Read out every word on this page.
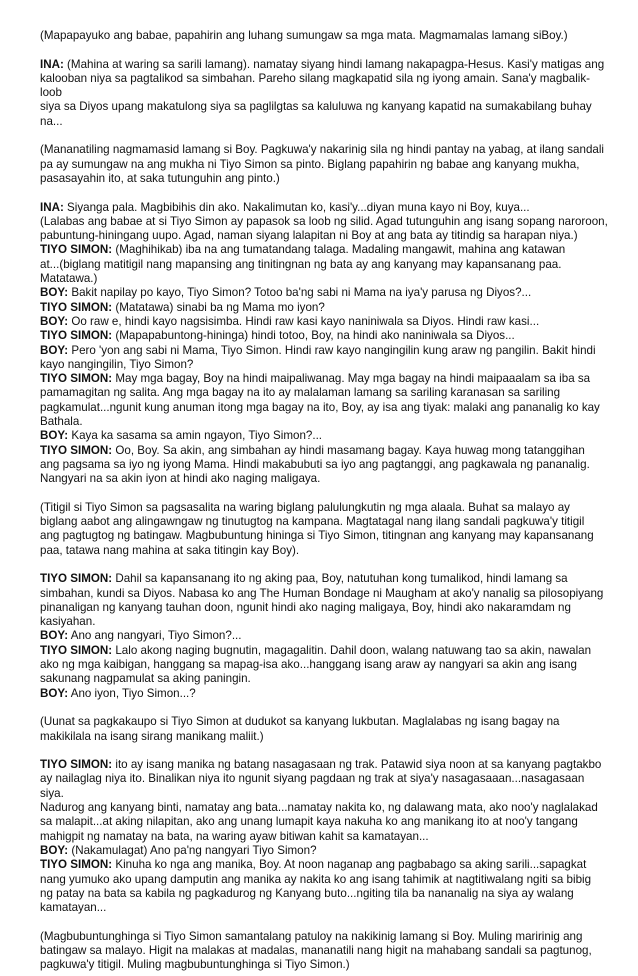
(Mapapayuko ang babae, papahirin ang luhang sumungaw sa mga mata. Magmamalas lamang siBoy.)
INA: (Mahina at waring sa sarili lamang). namatay siyang hindi lamang nakapagpa-Hesus. Kasi'y matigas ang
kalooban niya sa pagtalikod sa simbahan. Pareho silang magkapatid sila ng iyong amain. Sana'y magbalik-loob
siya sa Diyos upang makatulong siya sa paglilgtas sa kaluluwa ng kanyang kapatid na sumakabilang buhay
na...
(Mananatiling nagmamasid lamang si Boy. Pagkuwa'y nakarinig sila ng hindi pantay na yabag, at ilang sandali
pa ay sumungaw na ang mukha ni Tiyo Simon sa pinto. Biglang papahirin ng babae ang kanyang mukha,
pasasayahin ito, at saka tutunguhin ang pinto.)
INA: Siyanga pala. Magbibihis din ako. Nakalimutan ko, kasi'y...diyan muna kayo ni Boy, kuya...
(Lalabas ang babae at si Tiyo Simon ay papasok sa loob ng silid. Agad tutunguhin ang isang sopang naroroon,
pabuntung-hiningang uupo. Agad, naman siyang lalapitan ni Boy at ang bata ay titindig sa harapan niya.)
TIYO SIMON: (Maghihikab) iba na ang tumatandang talaga. Madaling mangawit, mahina ang katawan
at...(biglang matitigil nang mapansing ang tinitingnan ng bata ay ang kanyang may kapansanang paa.
Matatawa.)
BOY: Bakit napilay po kayo, Tiyo Simon? Totoo ba'ng sabi ni Mama na iya'y parusa ng Diyos?...
TIYO SIMON: (Matatawa) sinabi ba ng Mama mo iyon?
BOY: Oo raw e, hindi kayo nagsisimba. Hindi raw kasi kayo naniniwala sa Diyos. Hindi raw kasi...
TIYO SIMON: (Mapapabuntong-hininga) hindi totoo, Boy, na hindi ako naniniwala sa Diyos...
BOY: Pero 'yon ang sabi ni Mama, Tiyo Simon. Hindi raw kayo nangingilin kung araw ng pangilin. Bakit hindi
kayo nangingilin, Tiyo Simon?
TIYO SIMON: May mga bagay, Boy na hindi maipaliwanag. May mga bagay na hindi maipaaalam sa iba sa
pamamagitan ng salita. Ang mga bagay na ito ay malalaman lamang sa sariling karanasan sa sariling
pagkamulat...ngunit kung anuman itong mga bagay na ito, Boy, ay isa ang tiyak: malaki ang pananalig ko kay
Bathala.
BOY: Kaya ka sasama sa amin ngayon, Tiyo Simon?...
TIYO SIMON: Oo, Boy. Sa akin, ang simbahan ay hindi masamang bagay. Kaya huwag mong tatanggihan
ang pagsama sa iyo ng iyong Mama. Hindi makabubuti sa iyo ang pagtanggi, ang pagkawala ng pananalig.
Nangyari na sa akin iyon at hindi ako naging maligaya.
(Titigil si Tiyo Simon sa pagsasalita na waring biglang palulungkutin ng mga alaala. Buhat sa malayo ay
biglang aabot ang alingawngaw ng tinutugtog na kampana. Magtatagal nang ilang sandali pagkuwa'y titigil
ang pagtugtog ng batingaw. Magbubuntung hininga si Tiyo Simon, titingnan ang kanyang may kapansanang
paa, tatawa nang mahina at saka titingin kay Boy).
TIYO SIMON: Dahil sa kapansanang ito ng aking paa, Boy, natutuhan kong tumalikod, hindi lamang sa
simbahan, kundi sa Diyos. Nabasa ko ang The Human Bondage ni Maugham at ako'y nanalig sa pilosopiyang
pinanaligan ng kanyang tauhan doon, ngunit hindi ako naging maligaya, Boy, hindi ako nakaramdam ng
kasiyahan.
BOY: Ano ang nangyari, Tiyo Simon?...
TIYO SIMON: Lalo akong naging bugnutin, magagalitin. Dahil doon, walang natuwang tao sa akin, nawalan
ako ng mga kaibigan, hanggang sa mapag-isa ako...hanggang isang araw ay nangyari sa akin ang isang
sakunang nagpamulat sa aking paningin.
BOY: Ano iyon, Tiyo Simon...?
(Uunat sa pagkakaupo si Tiyo Simon at dudukot sa kanyang lukbutan. Maglalabas ng isang bagay na
makikilala na isang sirang manikang maliit.)
TIYO SIMON: ito ay isang manika ng batang nasagasaan ng trak. Patawid siya noon at sa kanyang pagtakbo
ay nailaglag niya ito. Binalikan niya ito ngunit siyang pagdaan ng trak at siya'y nasagasaaan...nasagasaan siya.
Nadurog ang kanyang binti, namatay ang bata...namatay nakita ko, ng dalawang mata, ako noo'y naglalakad
sa malapit...at aking nilapitan, ako ang unang lumapit kaya nakuha ko ang manikang ito at noo'y tangang
mahigpit ng namatay na bata, na waring ayaw bitiwan kahit sa kamatayan...
BOY: (Nakamulagat) Ano pa'ng nangyari Tiyo Simon?
TIYO SIMON: Kinuha ko nga ang manika, Boy. At noon naganap ang pagbabago sa aking sarili...sapagkat
nang yumuko ako upang damputin ang manika ay nakita ko ang isang tahimik at nagtitiwalang ngiti sa bibig
ng patay na bata sa kabila ng pagkadurog ng Kanyang buto...ngiting tila ba nananalig na siya ay walang
kamatayan...
(Magbubuntunghinga si Tiyo Simon samantalang patuloy na nakikinig lamang si Boy. Muling maririnig ang
batingaw sa malayo. Higit na malakas at madalas, mananatili nang higit na mahabang sandali sa pagtunog,
pagkuwa'y titigil. Muling magbubuntunghinga si Tiyo Simon.)
